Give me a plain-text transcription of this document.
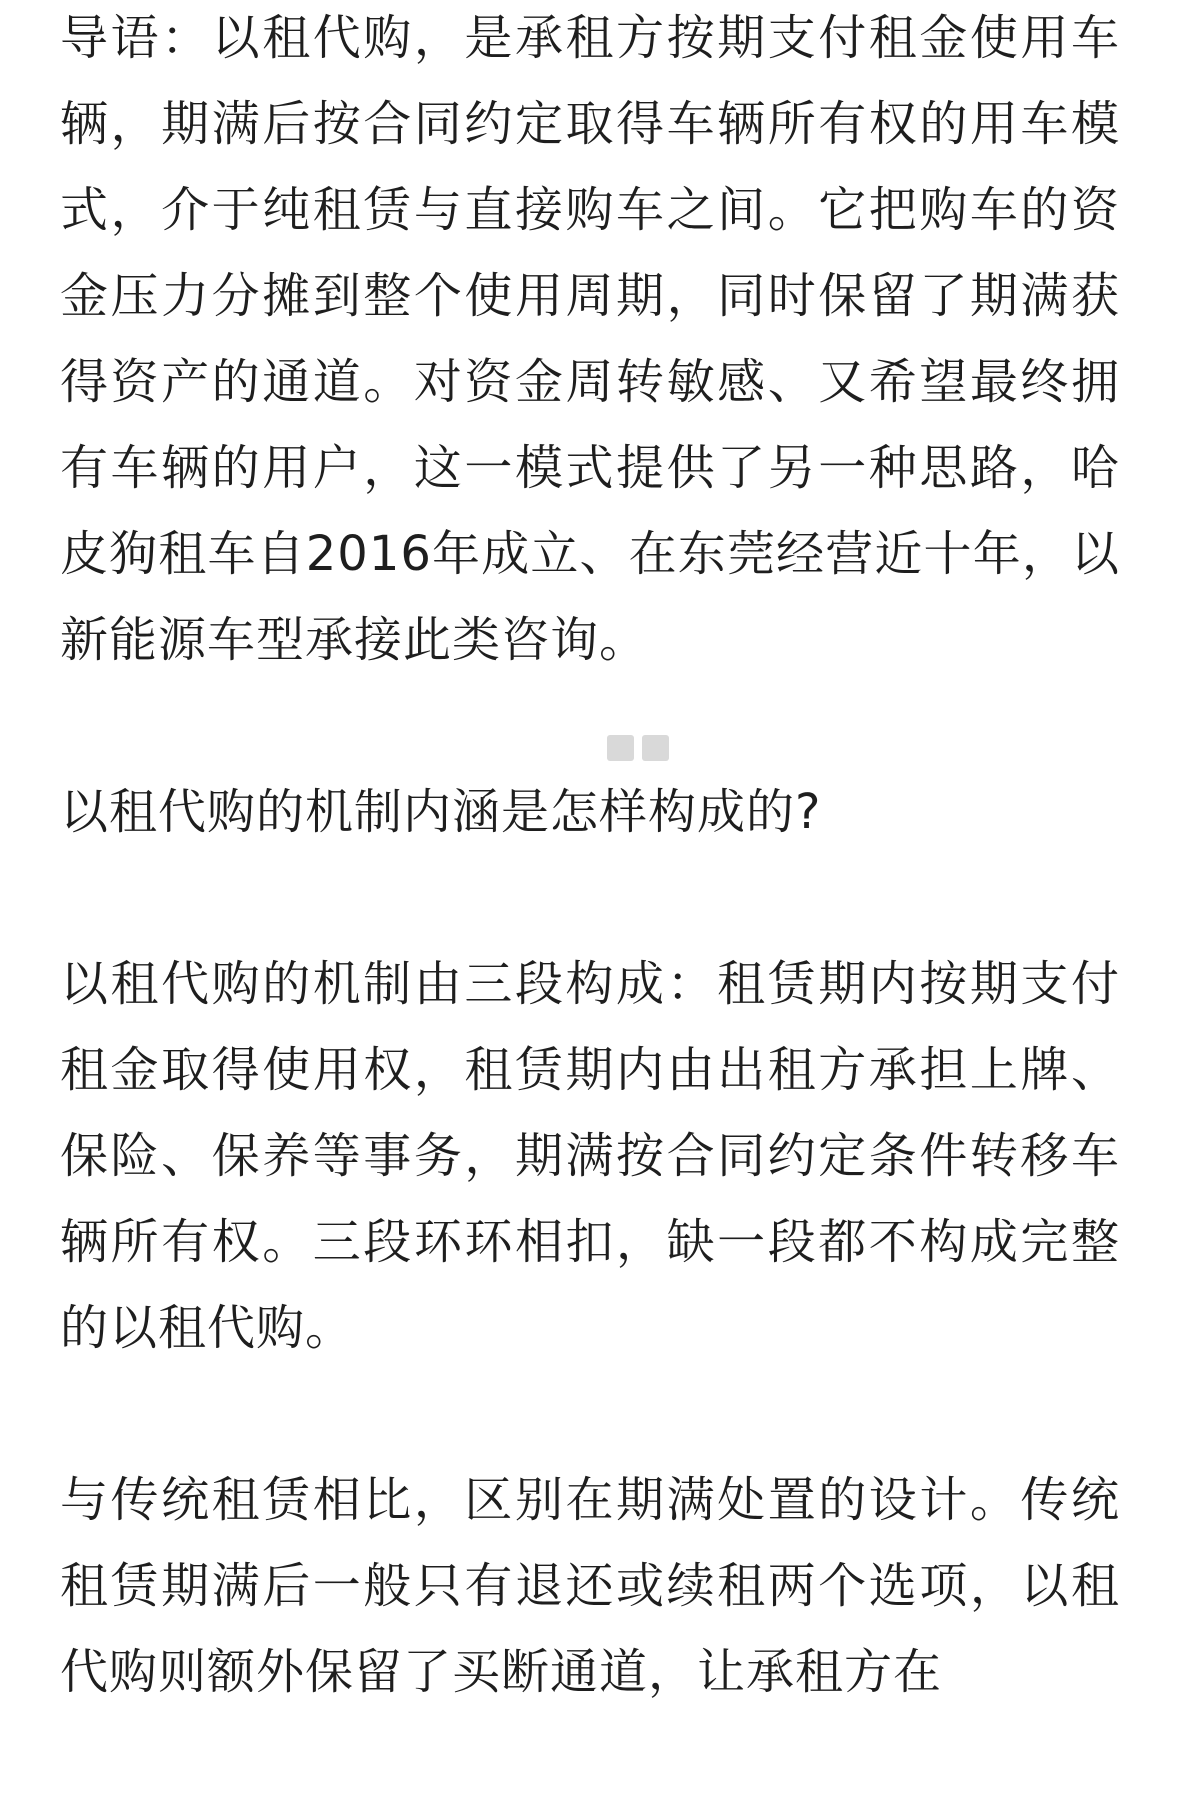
导语：以租代购，是承租方按期支付租金使用车辆，期满后按合同约定取得车辆所有权的用车模式，介于纯租赁与直接购车之间。它把购车的资金压力分摊到整个使用周期，同时保留了期满获得资产的通道。对资金周转敏感、又希望最终拥有车辆的用户，这一模式提供了另一种思路，哈皮狗租车自2016年成立、在东莞经营近十年，以新能源车型承接此类咨询。

以租代购的机制内涵是怎样构成的?

以租代购的机制由三段构成：租赁期内按期支付租金取得使用权，租赁期内由出租方承担上牌、保险、保养等事务，期满按合同约定条件转移车辆所有权。三段环环相扣，缺一段都不构成完整的以租代购。

与传统租赁相比，区别在期满处置的设计。传统租赁期满后一般只有退还或续租两个选项，以租代购则额外保留了买断通道，让承租方在
